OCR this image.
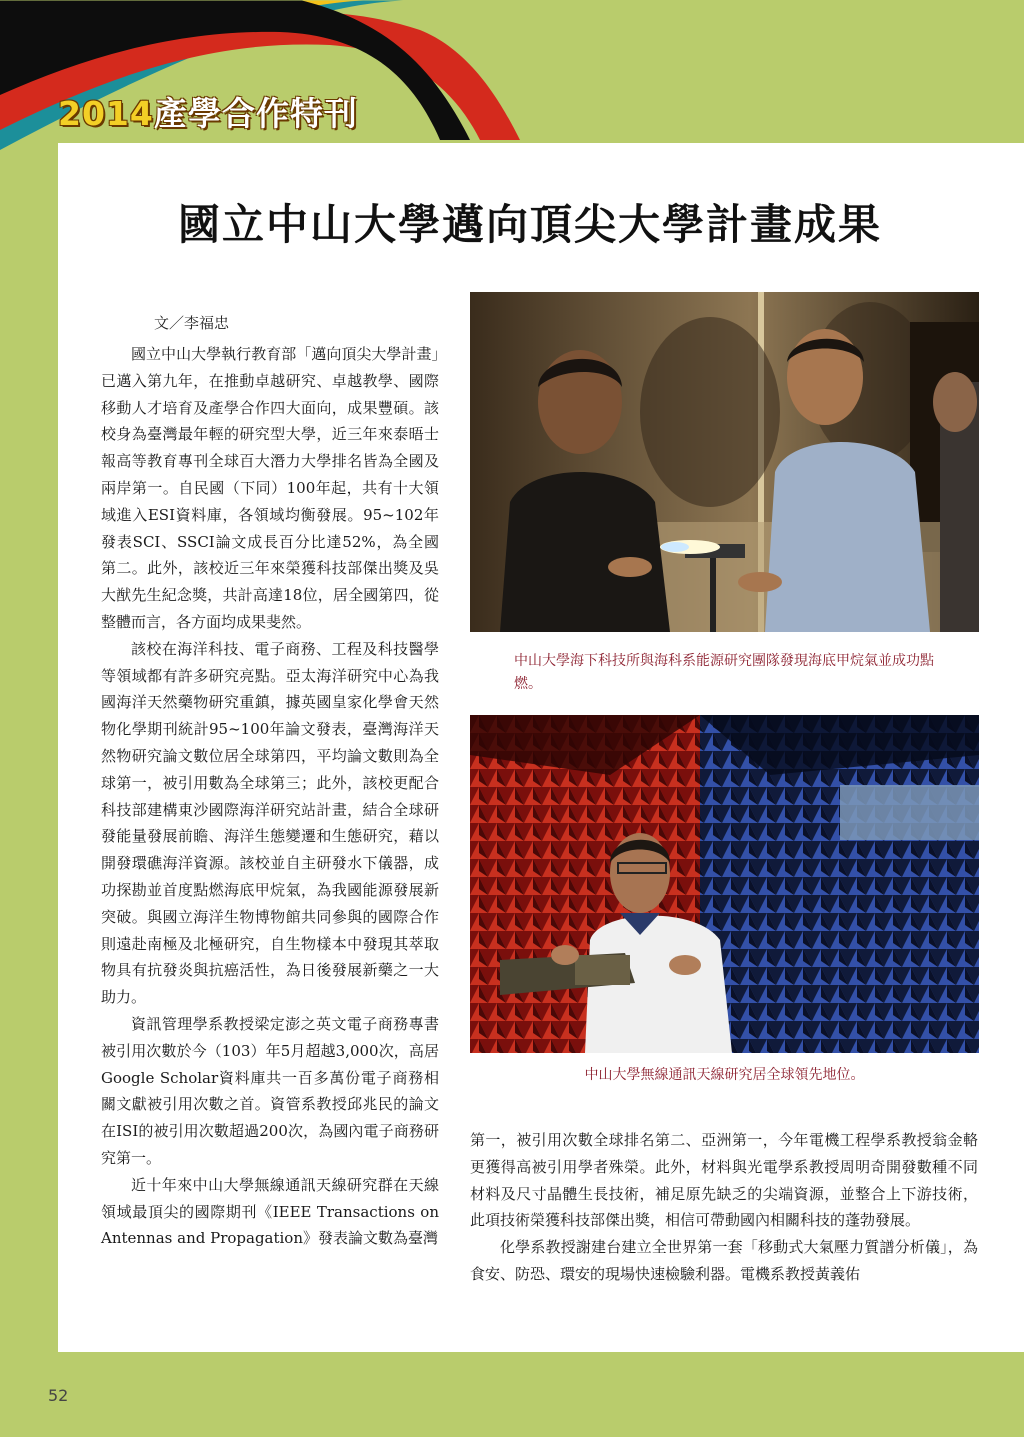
2014產學合作特刊
國立中山大學邁向頂尖大學計畫成果
文／李福忠

國立中山大學執行教育部「邁向頂尖大學計畫」已邁入第九年，在推動卓越研究、卓越教學、國際移動人才培育及產學合作四大面向，成果豐碩。該校身為臺灣最年輕的研究型大學，近三年來泰晤士報高等教育專刊全球百大潛力大學排名皆為全國及兩岸第一。自民國（下同）100年起，共有十大領域進入ESI資料庫，各領域均衡發展。95~102年發表SCI、SSCI論文成長百分比達52%，為全國第二。此外，該校近三年來榮獲科技部傑出獎及吳大猷先生紀念獎，共計高達18位，居全國第四，從整體而言，各方面均成果斐然。

該校在海洋科技、電子商務、工程及科技醫學等領域都有許多研究亮點。亞太海洋研究中心為我國海洋天然藥物研究重鎮，據英國皇家化學會天然物化學期刊統計95~100年論文發表，臺灣海洋天然物研究論文數位居全球第四，平均論文數則為全球第一，被引用數為全球第三；此外，該校更配合科技部建構東沙國際海洋研究站計畫，結合全球研發能量發展前瞻、海洋生態變遷和生態研究，藉以開發環礁海洋資源。該校並自主研發水下儀器，成功探勘並首度點燃海底甲烷氣，為我國能源發展新突破。與國立海洋生物博物館共同參與的國際合作則遠赴南極及北極研究，自生物樣本中發現其萃取物具有抗發炎與抗癌活性，為日後發展新藥之一大助力。

資訊管理學系教授梁定澎之英文電子商務專書被引用次數於今（103）年5月超越3,000次，高居Google Scholar資料庫共一百多萬份電子商務相關文獻被引用次數之首。資管系教授邱兆民的論文在ISI的被引用次數超過200次，為國內電子商務研究第一。

近十年來中山大學無線通訊天線研究群在天線領域最頂尖的國際期刊《IEEE Transactions on Antennas and Propagation》發表論文數為臺灣

中山大學海下科技所與海科系能源研究團隊發現海底甲烷氣並成功點燃。
中山大學無線通訊天線研究居全球領先地位。

第一，被引用次數全球排名第二、亞洲第一，今年電機工程學系教授翁金輅更獲得高被引用學者殊榮。此外，材料與光電學系教授周明奇開發數種不同材料及尺寸晶體生長技術，補足原先缺乏的尖端資源，並整合上下游技術，此項技術榮獲科技部傑出獎，相信可帶動國內相關科技的蓬勃發展。

化學系教授謝建台建立全世界第一套「移動式大氣壓力質譜分析儀」，為食安、防恐、環安的現場快速檢驗利器。電機系教授黃義佑

52
